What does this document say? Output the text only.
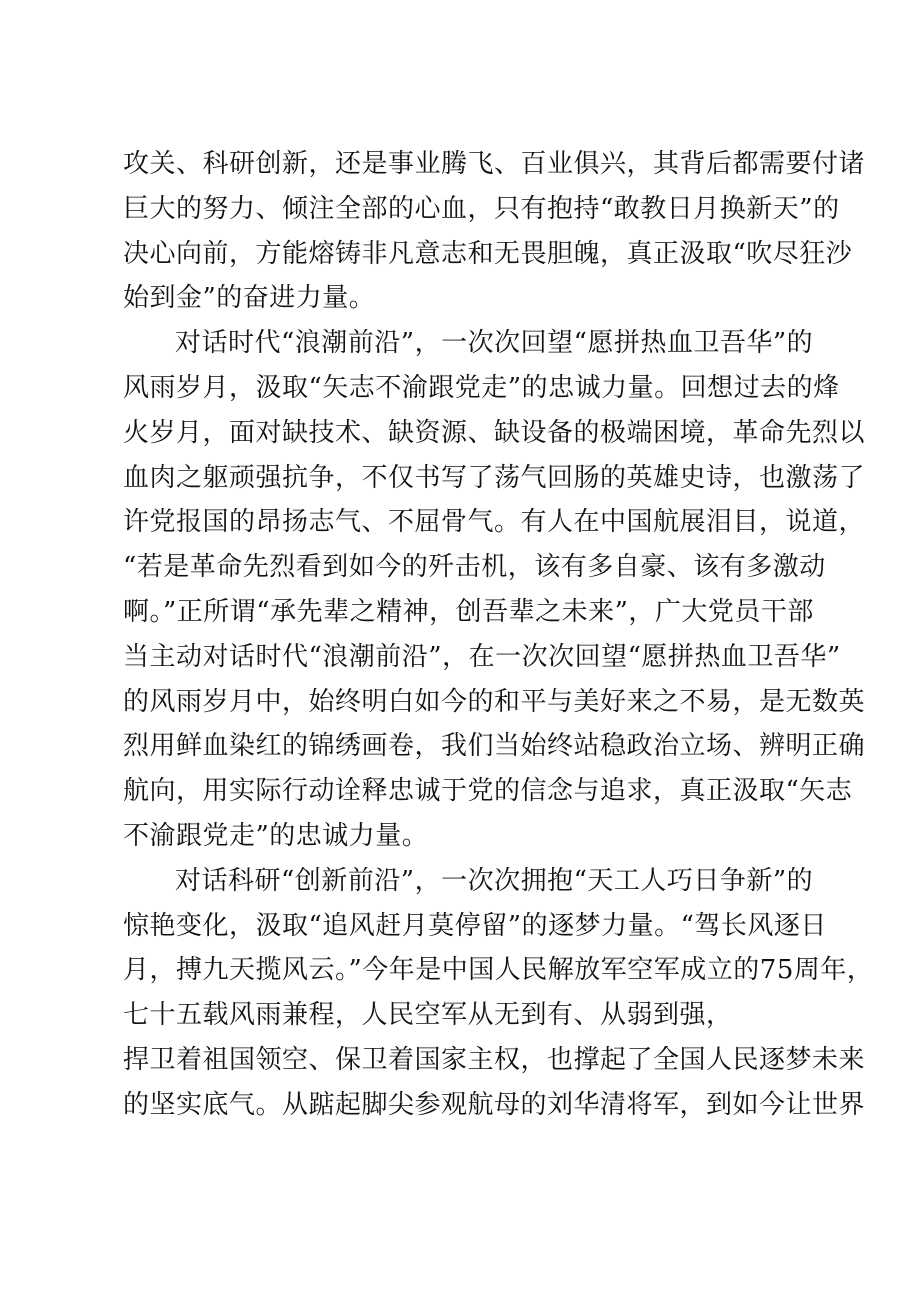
攻关、科研创新，还是事业腾飞、百业俱兴，其背后都需要付诸
巨大的努力、倾注全部的心血，只有抱持“敢教日月换新天”的
决心向前，方能熔铸非凡意志和无畏胆魄，真正汲取“吹尽狂沙
始到金”的奋进力量。
对话时代“浪潮前沿”，一次次回望“愿拼热血卫吾华”的
风雨岁月，汲取“矢志不渝跟党走”的忠诚力量。回想过去的烽
火岁月，面对缺技术、缺资源、缺设备的极端困境，革命先烈以
血肉之躯顽强抗争，不仅书写了荡气回肠的英雄史诗，也激荡了
许党报国的昂扬志气、不屈骨气。有人在中国航展泪目，说道，
“若是革命先烈看到如今的歼击机，该有多自豪、该有多激动
啊。”正所谓“承先辈之精神，创吾辈之未来”，广大党员干部
当主动对话时代“浪潮前沿”，在一次次回望“愿拼热血卫吾华”
的风雨岁月中，始终明白如今的和平与美好来之不易，是无数英
烈用鲜血染红的锦绣画卷，我们当始终站稳政治立场、辨明正确
航向，用实际行动诠释忠诚于党的信念与追求，真正汲取“矢志
不渝跟党走”的忠诚力量。
对话科研“创新前沿”，一次次拥抱“天工人巧日争新”的
惊艳变化，汲取“追风赶月莫停留”的逐梦力量。“驾长风逐日
月，搏九天揽风云。”今年是中国人民解放军空军成立的75周年，
七十五载风雨兼程，人民空军从无到有、从弱到强，
捍卫着祖国领空、保卫着国家主权，也撑起了全国人民逐梦未来
的坚实底气。从踮起脚尖参观航母的刘华清将军，到如今让世界
